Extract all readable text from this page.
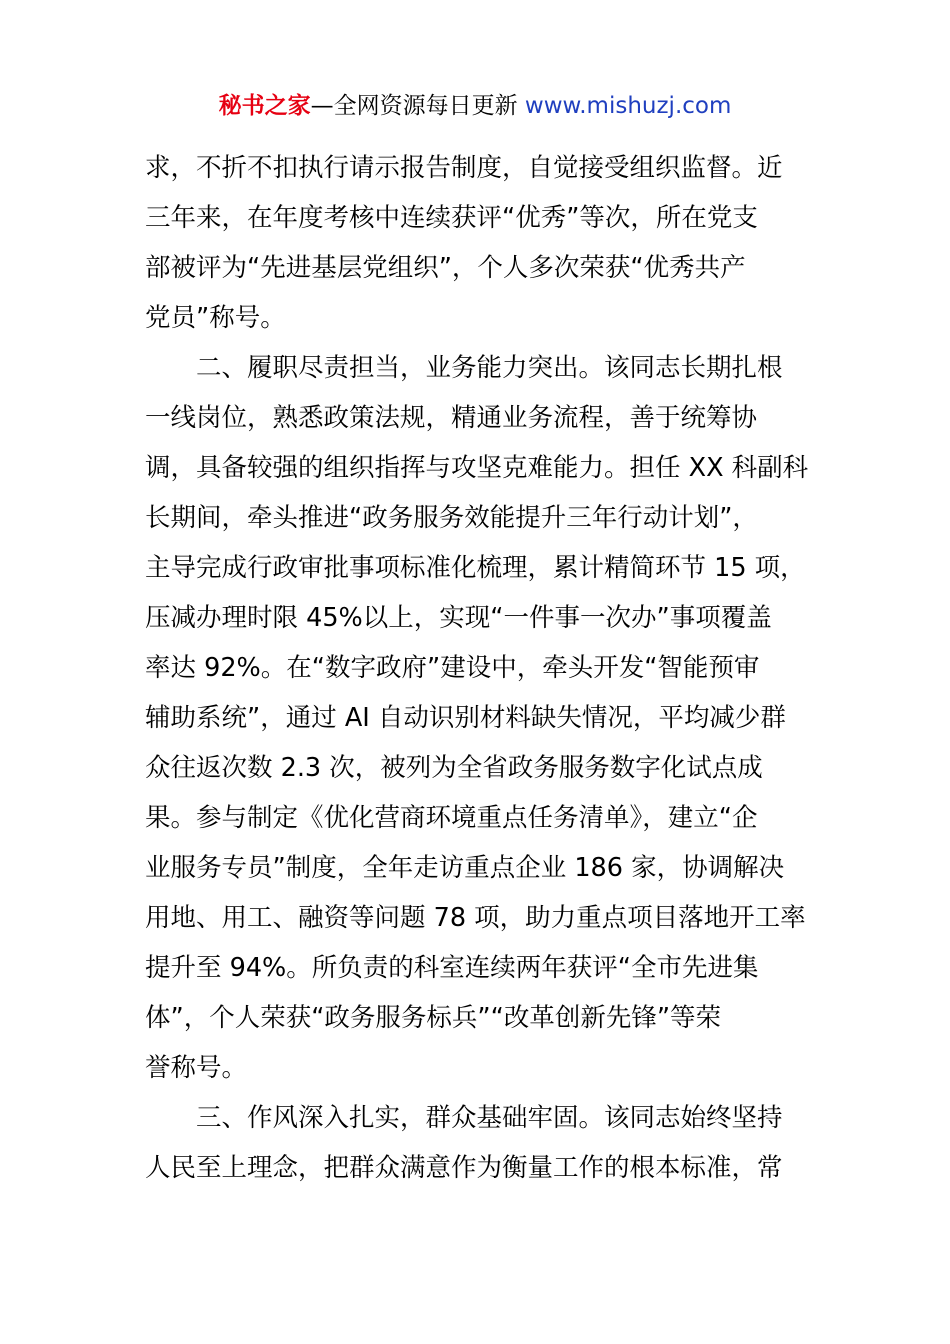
秘书之家—全网资源每日更新 www.mishuzj.com
求，不折不扣执行请示报告制度，自觉接受组织监督。近
三年来，在年度考核中连续获评“优秀”等次，所在党支
部被评为“先进基层党组织”，个人多次荣获“优秀共产
党员”称号。
　　二、履职尽责担当，业务能力突出。该同志长期扎根
一线岗位，熟悉政策法规，精通业务流程，善于统筹协
调，具备较强的组织指挥与攻坚克难能力。担任 XX 科副科
长期间，牵头推进“政务服务效能提升三年行动计划”，
主导完成行政审批事项标准化梳理，累计精简环节 15 项，
压减办理时限 45%以上，实现“一件事一次办”事项覆盖
率达 92%。在“数字政府”建设中，牵头开发“智能预审
辅助系统”，通过 AI 自动识别材料缺失情况，平均减少群
众往返次数 2.3 次，被列为全省政务服务数字化试点成
果。参与制定《优化营商环境重点任务清单》，建立“企
业服务专员”制度，全年走访重点企业 186 家，协调解决
用地、用工、融资等问题 78 项，助力重点项目落地开工率
提升至 94%。所负责的科室连续两年获评“全市先进集
体”，个人荣获“政务服务标兵”“改革创新先锋”等荣
誉称号。
　　三、作风深入扎实，群众基础牢固。该同志始终坚持
人民至上理念，把群众满意作为衡量工作的根本标准，常
